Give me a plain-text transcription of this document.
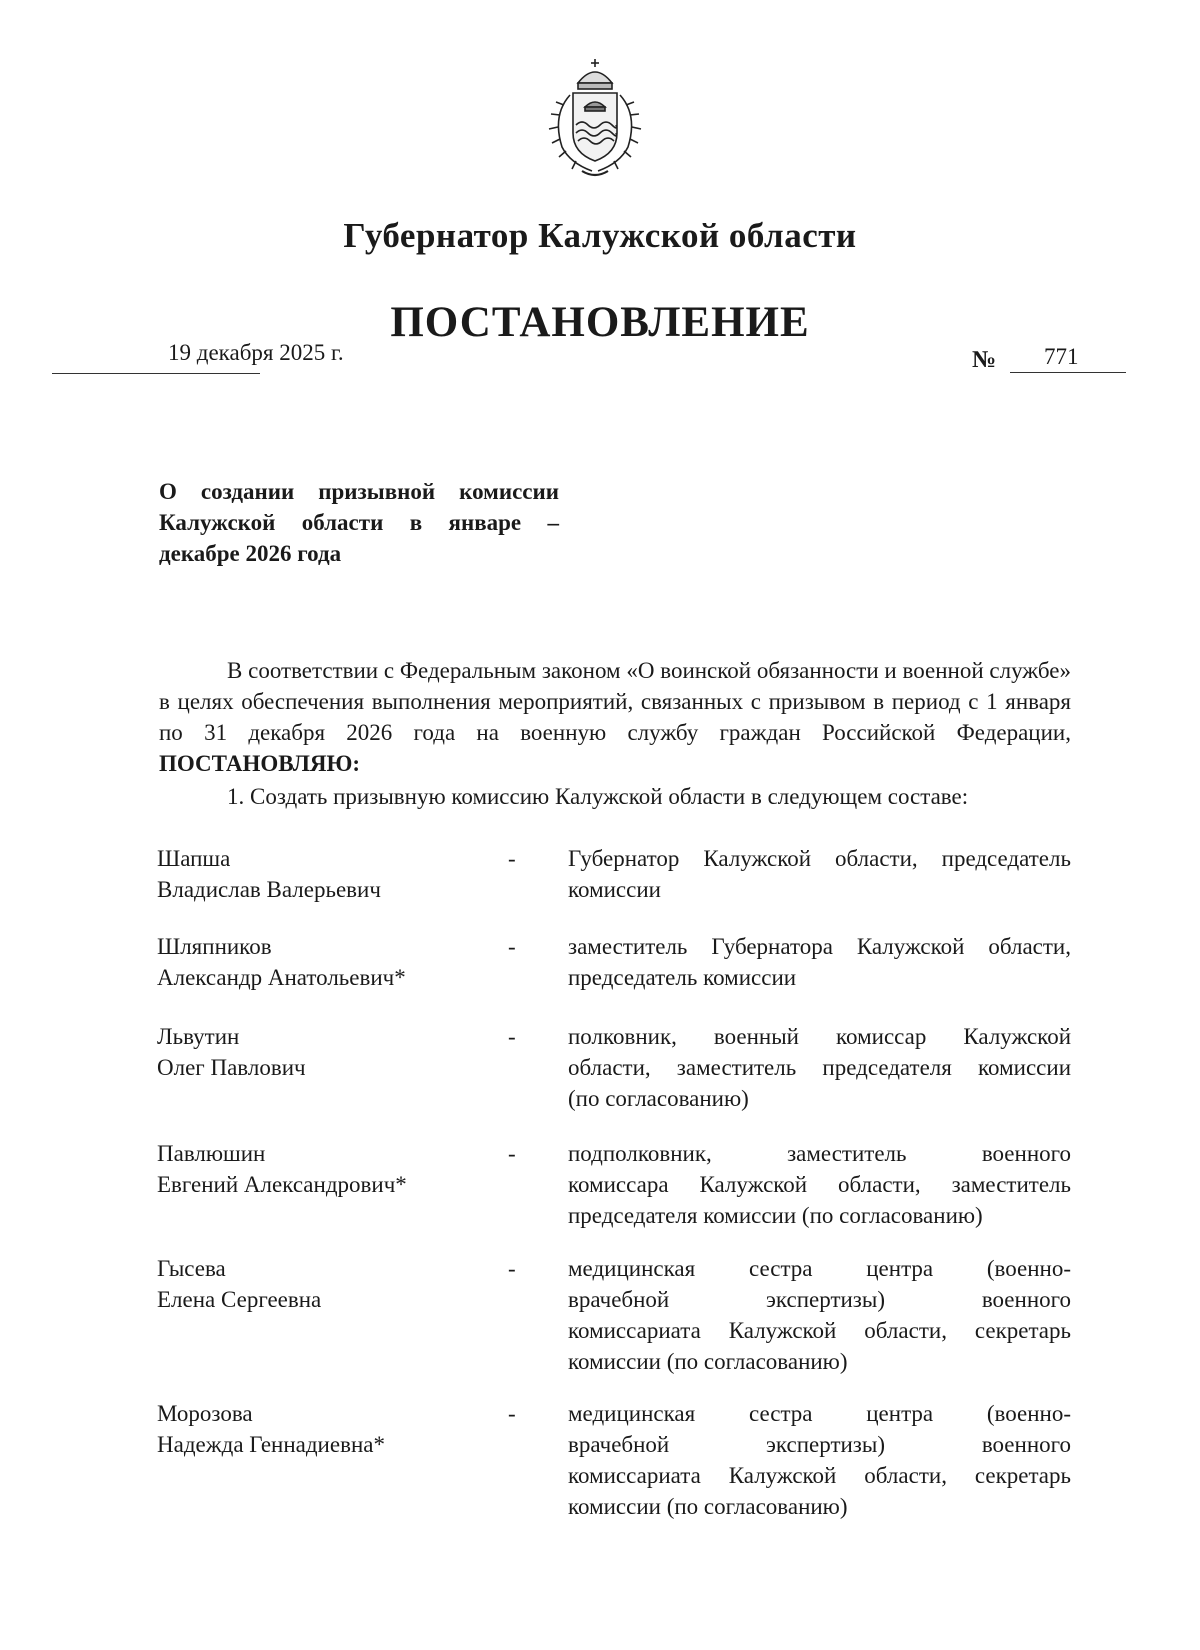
Губернатор Калужской области
ПОСТАНОВЛЕНИЕ
19 декабря 2025 г.	№ 771
О создании призывной комиссии
Калужской области в январе –
декабре 2026 года
В соответствии с Федеральным законом «О воинской обязанности и военной службе» в целях обеспечения выполнения мероприятий, связанных с призывом в период с 1 января по 31 декабря 2026 года на военную службу граждан Российской Федерации, ПОСТАНОВЛЯЮ:
1. Создать призывную комиссию Калужской области в следующем составе:
Шапша
Владислав Валерьевич
- Губернатор Калужской области, председатель
комиссии
Шляпников
Александр Анатольевич*
- заместитель Губернатора Калужской области,
председатель комиссии
Львутин
Олег Павлович
- полковник, военный комиссар Калужской
области, заместитель председателя комиссии
(по согласованию)
Павлюшин
Евгений Александрович*
- подполковник, заместитель военного
комиссара Калужской области, заместитель
председателя комиссии (по согласованию)
Гысева
Елена Сергеевна
- медицинская сестра центра (военно-
врачебной экспертизы) военного
комиссариата Калужской области, секретарь
комиссии (по согласованию)
Морозова
Надежда Геннадиевна*
- медицинская сестра центра (военно-
врачебной экспертизы) военного
комиссариата Калужской области, секретарь
комиссии (по согласованию)
